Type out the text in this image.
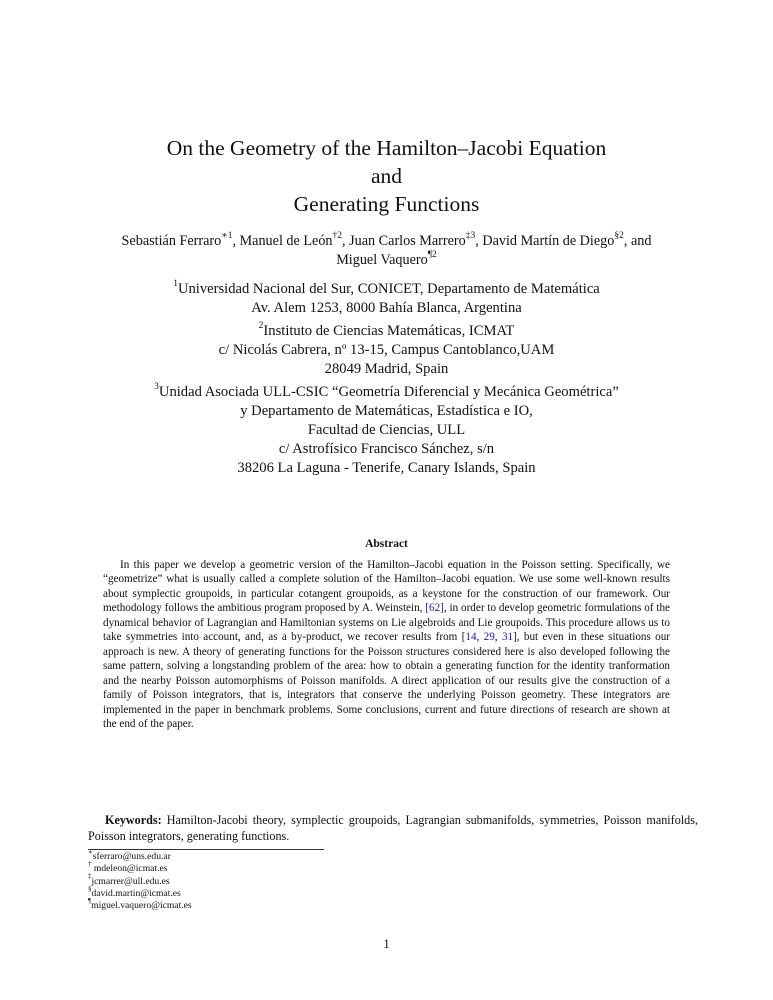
On the Geometry of the Hamilton–Jacobi Equation
and
Generating Functions
Sebastián Ferraro$^{∗1}$, Manuel de León$^{\dagger 2}$, Juan Carlos Marrero$^{\ddagger 3}$, David Martín de Diego$^{\S 2}$, and
Miguel Vaquero$^{\P 2}$
$^1$Universidad Nacional del Sur, CONICET, Departamento de Matemática
Av. Alem 1253, 8000 Bahía Blanca, Argentina
$^2$Instituto de Ciencias Matemáticas, ICMAT
c/ Nicolás Cabrera, nº 13-15, Campus Cantoblanco,UAM
28049 Madrid, Spain
$^3$Unidad Asociada ULL-CSIC “Geometría Diferencial y Mecánica Geométrica”
y Departamento de Matemáticas, Estadística e IO,
Facultad de Ciencias, ULL
c/ Astrofísico Francisco Sánchez, s/n
38206 La Laguna - Tenerife, Canary Islands, Spain
Abstract
In this paper we develop a geometric version of the Hamilton–Jacobi equation in the Poisson setting. Specifically, we “geometrize” what is usually called a complete solution of the Hamilton–Jacobi equation. We use some well-known results about symplectic groupoids, in particular cotangent groupoids, as a keystone for the construction of our framework. Our methodology follows the ambitious program proposed by A. Weinstein, [62], in order to develop geometric formulations of the dynamical behavior of Lagrangian and Hamiltonian systems on Lie algebroids and Lie groupoids. This procedure allows us to take symmetries into account, and, as a by-product, we recover results from [14, 29, 31], but even in these situations our approach is new. A theory of generating functions for the Poisson structures considered here is also developed following the same pattern, solving a longstanding problem of the area: how to obtain a generating function for the identity tranformation and the nearby Poisson automorphisms of Poisson manifolds. A direct application of our results give the construction of a family of Poisson integrators, that is, integrators that conserve the underlying Poisson geometry. These integrators are implemented in the paper in benchmark problems. Some conclusions, current and future directions of research are shown at the end of the paper.
Keywords: Hamilton-Jacobi theory, symplectic groupoids, Lagrangian submanifolds, symmetries, Poisson manifolds, Poisson integrators, generating functions.
∗sferraro@uns.edu.ar
† mdeleon@icmat.es
‡jcmarrer@ull.edu.es
§david.martin@icmat.es
¶miguel.vaquero@icmat.es
1
